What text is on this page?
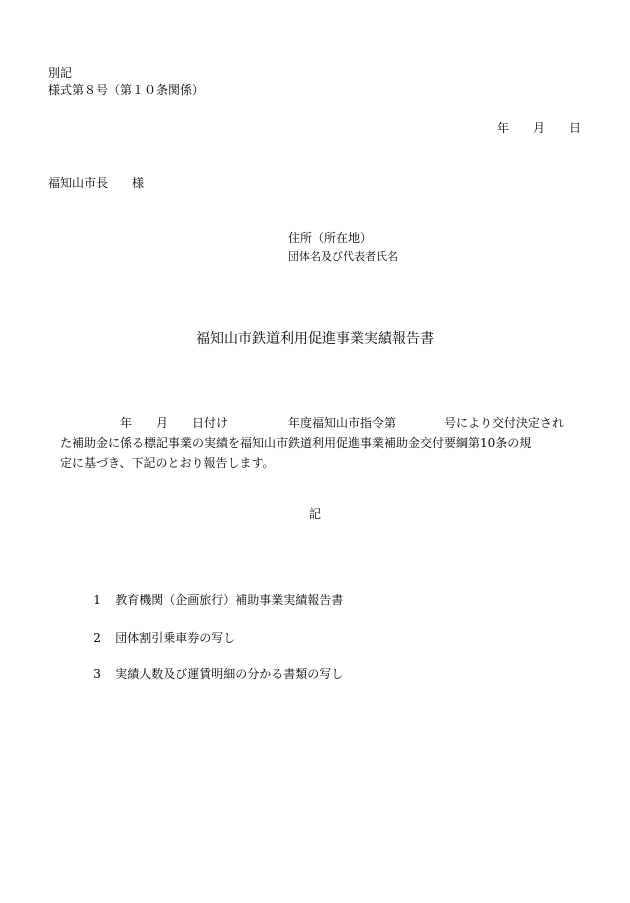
別記
様式第８号（第１０条関係）
年　　月　　日
福知山市長　　様
住所（所在地）
団体名及び代表者氏名
福知山市鉄道利用促進事業実績報告書
　　　　　年　　月　　日付け　　　　　年度福知山市指令第　　　　号により交付決定され
た補助金に係る標記事業の実績を福知山市鉄道利用促進事業補助金交付要綱第10条の規
定に基づき、下記のとおり報告します。
記

1 教育機関（企画旅行）補助事業実績報告書

2 団体割引乗車券の写し

3 実績人数及び運賃明細の分かる書類の写し
